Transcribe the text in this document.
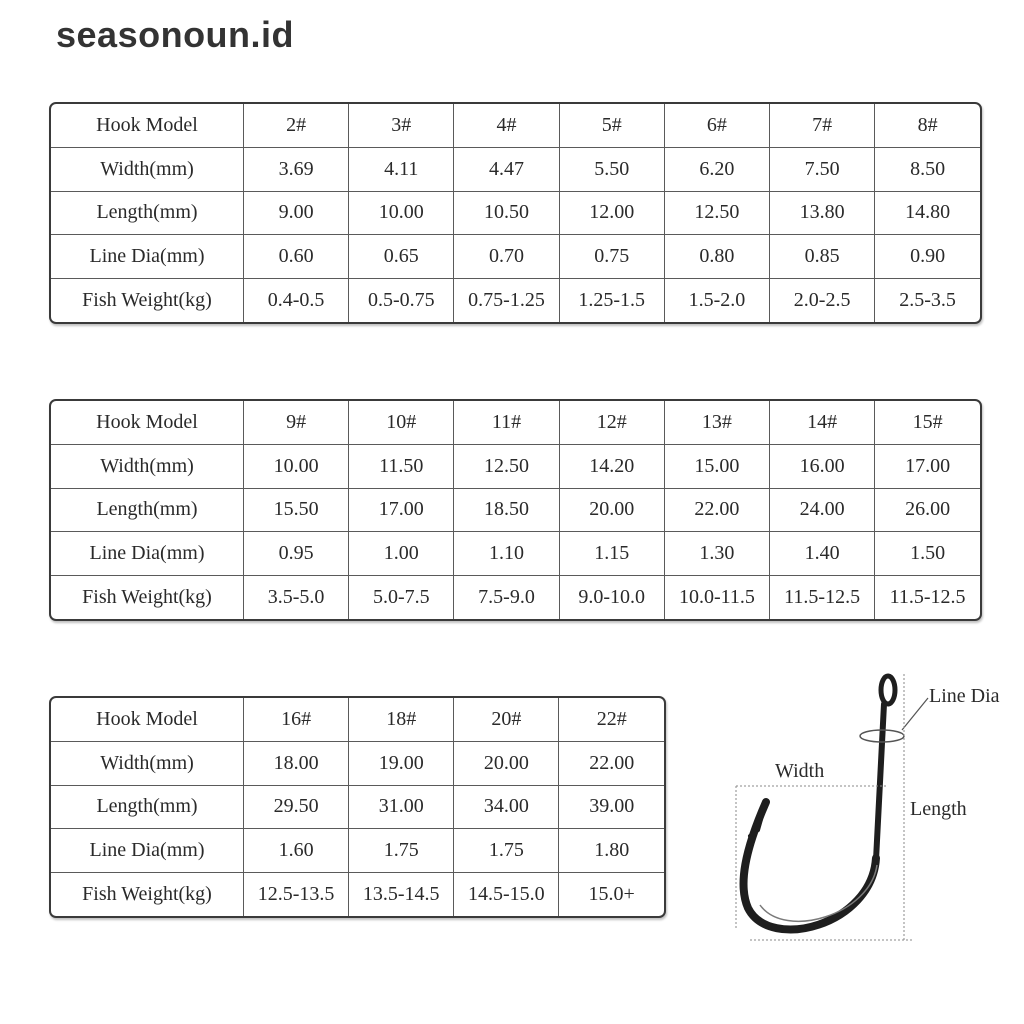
seasonoun.id
Hook Model	2#	3#	4#	5#	6#	7#	8#
Width(mm)	3.69	4.11	4.47	5.50	6.20	7.50	8.50
Length(mm)	9.00	10.00	10.50	12.00	12.50	13.80	14.80
Line Dia(mm)	0.60	0.65	0.70	0.75	0.80	0.85	0.90
Fish Weight(kg)	0.4-0.5	0.5-0.75	0.75-1.25	1.25-1.5	1.5-2.0	2.0-2.5	2.5-3.5
Hook Model	9#	10#	11#	12#	13#	14#	15#
Width(mm)	10.00	11.50	12.50	14.20	15.00	16.00	17.00
Length(mm)	15.50	17.00	18.50	20.00	22.00	24.00	26.00
Line Dia(mm)	0.95	1.00	1.10	1.15	1.30	1.40	1.50
Fish Weight(kg)	3.5-5.0	5.0-7.5	7.5-9.0	9.0-10.0	10.0-11.5	11.5-12.5	11.5-12.5
Hook Model	16#	18#	20#	22#
Width(mm)	18.00	19.00	20.00	22.00
Length(mm)	29.50	31.00	34.00	39.00
Line Dia(mm)	1.60	1.75	1.75	1.80
Fish Weight(kg)	12.5-13.5	13.5-14.5	14.5-15.0	15.0+
Line Dia
Width
Length
